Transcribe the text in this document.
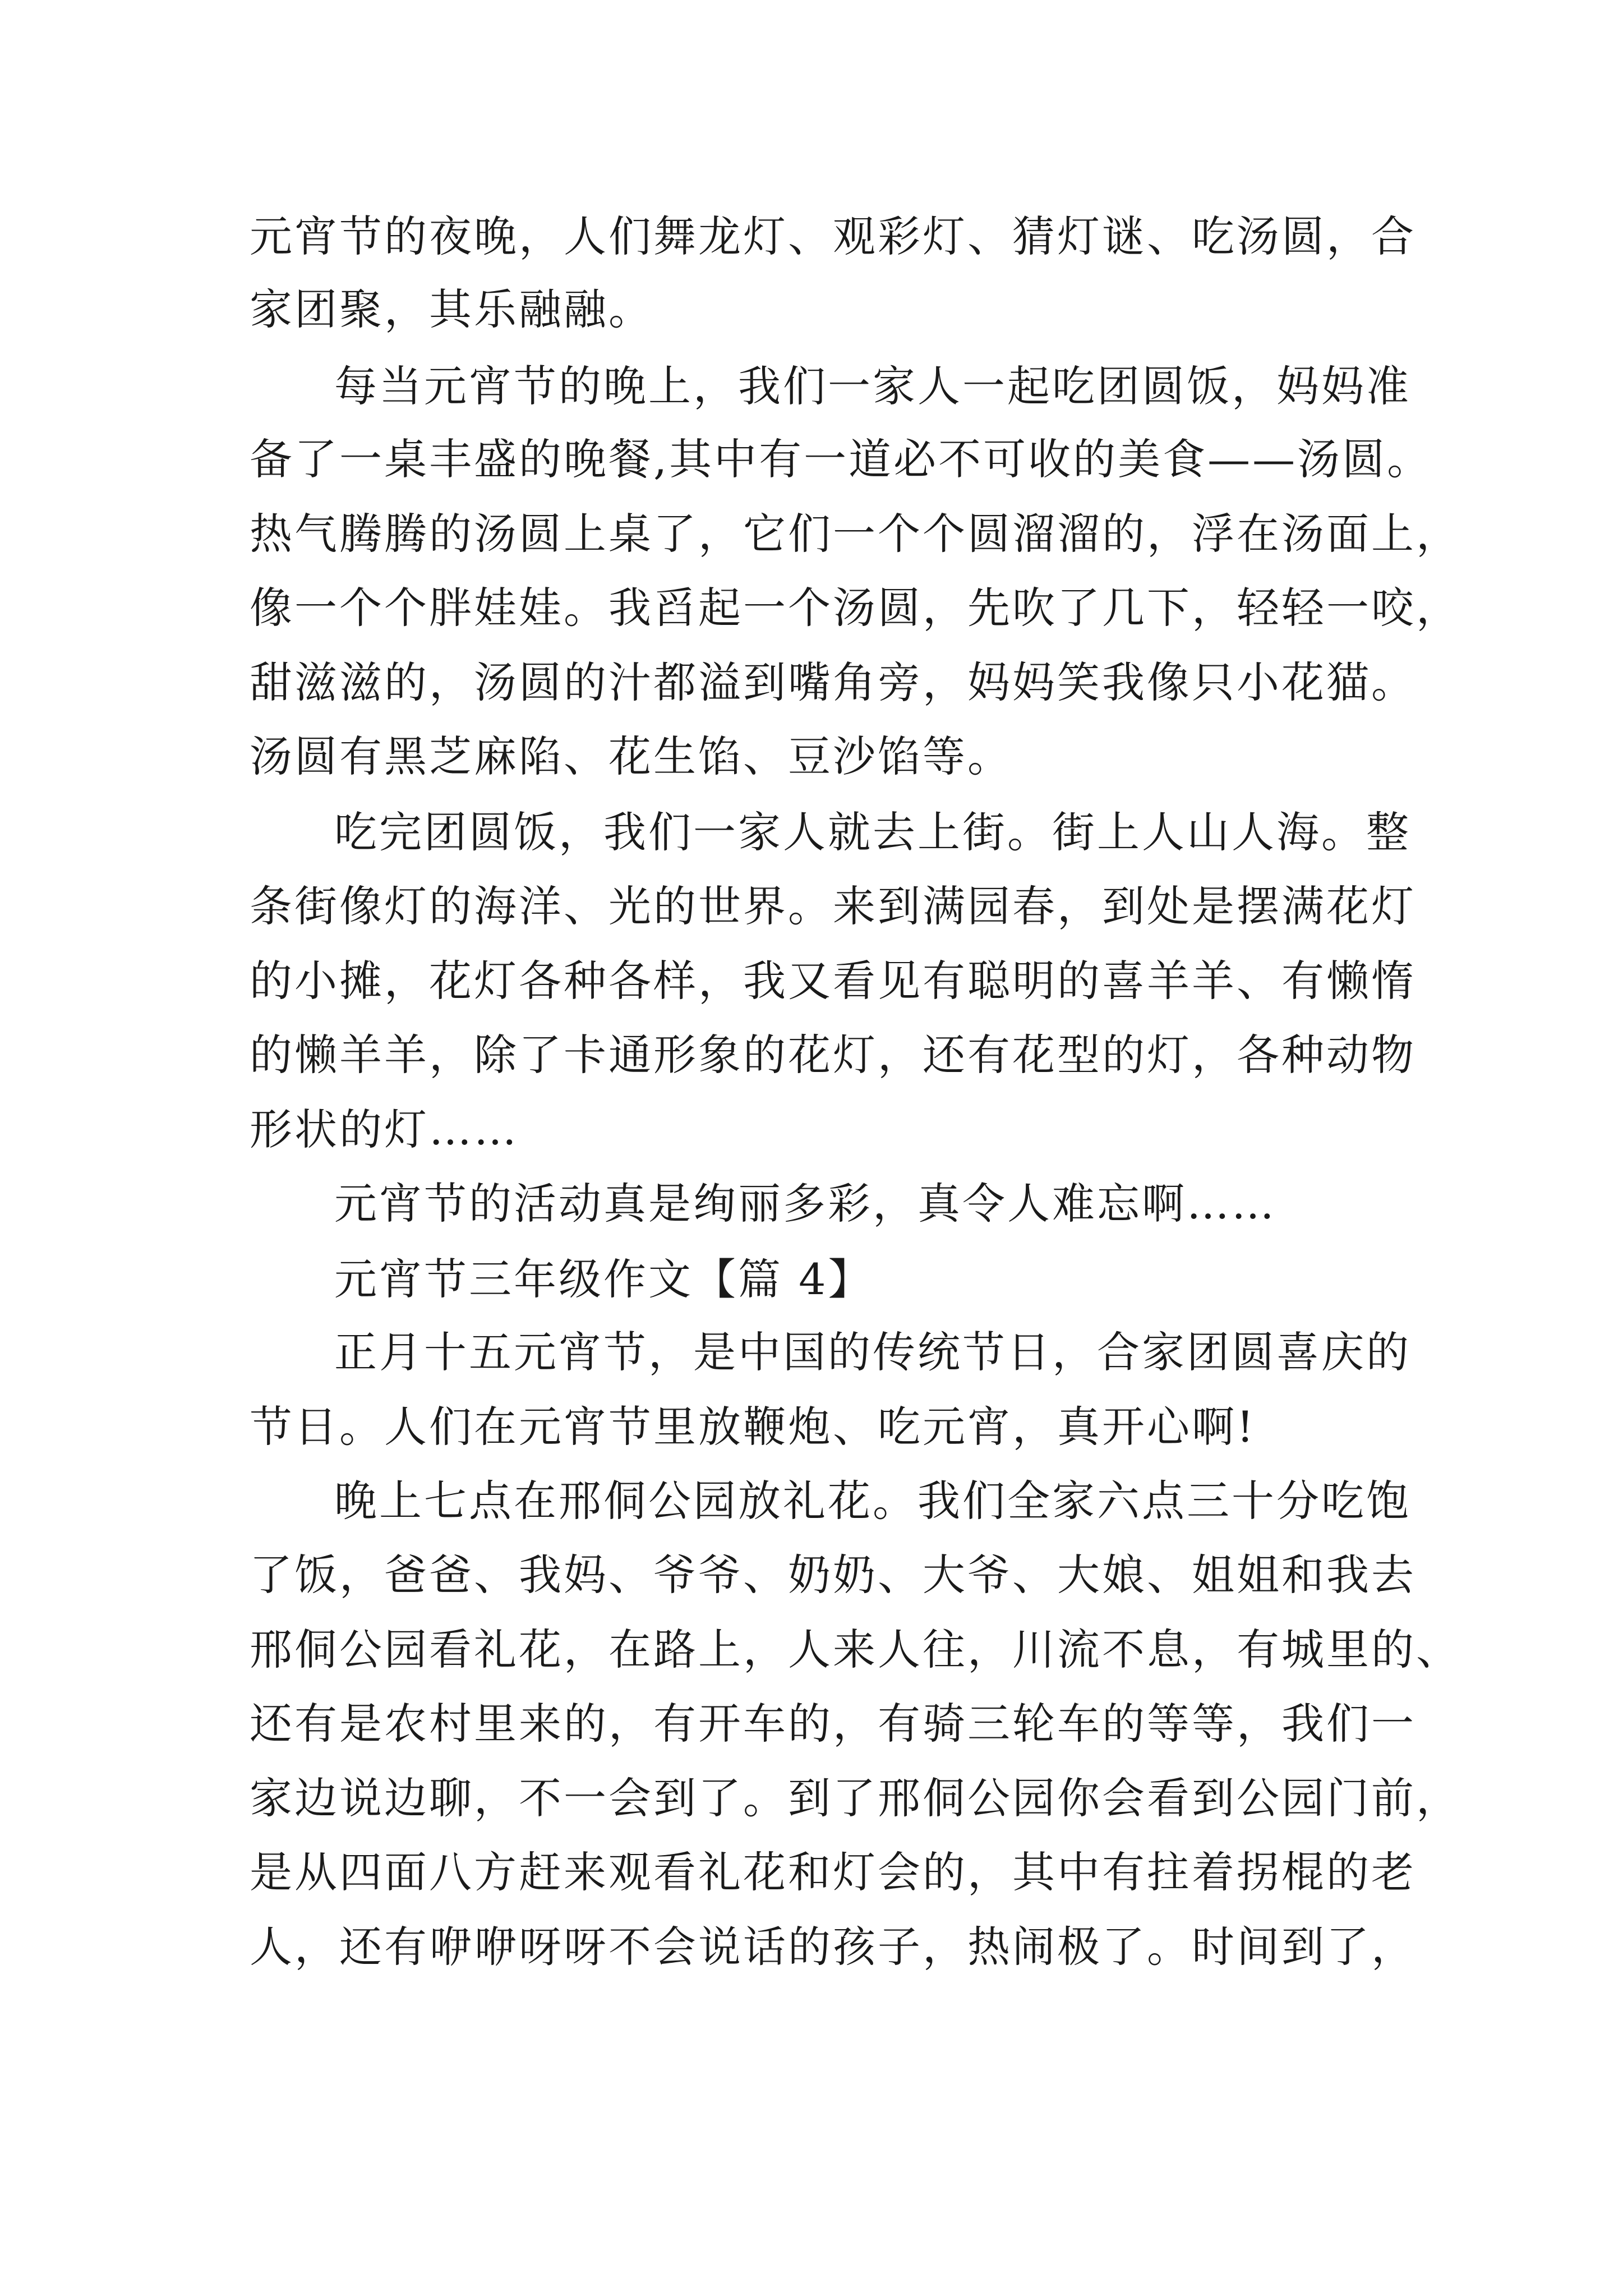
元宵节的夜晚，人们舞龙灯、观彩灯、猜灯谜、吃汤圆，合
家团聚，其乐融融。
每当元宵节的晚上，我们一家人一起吃团圆饭，妈妈准
备了一桌丰盛的晚餐,其中有一道必不可收的美食——汤圆。
热气腾腾的汤圆上桌了，它们一个个圆溜溜的，浮在汤面上，
像一个个胖娃娃。我舀起一个汤圆，先吹了几下，轻轻一咬，
甜滋滋的，汤圆的汁都溢到嘴角旁，妈妈笑我像只小花猫。
汤圆有黑芝麻陷、花生馅、豆沙馅等。
吃完团圆饭，我们一家人就去上街。街上人山人海。整
条街像灯的海洋、光的世界。来到满园春，到处是摆满花灯
的小摊，花灯各种各样，我又看见有聪明的喜羊羊、有懒惰
的懒羊羊，除了卡通形象的花灯，还有花型的灯，各种动物
形状的灯……
元宵节的活动真是绚丽多彩，真令人难忘啊……
元宵节三年级作文【篇 4】
正月十五元宵节，是中国的传统节日，合家团圆喜庆的
节日。人们在元宵节里放鞭炮、吃元宵，真开心啊!
晚上七点在邢侗公园放礼花。我们全家六点三十分吃饱
了饭，爸爸、我妈、爷爷、奶奶、大爷、大娘、姐姐和我去
邢侗公园看礼花，在路上，人来人往，川流不息，有城里的、
还有是农村里来的，有开车的，有骑三轮车的等等，我们一
家边说边聊，不一会到了。到了邢侗公园你会看到公园门前，
是从四面八方赶来观看礼花和灯会的，其中有拄着拐棍的老
人，还有咿咿呀呀不会说话的孩子，热闹极了。时间到了，
